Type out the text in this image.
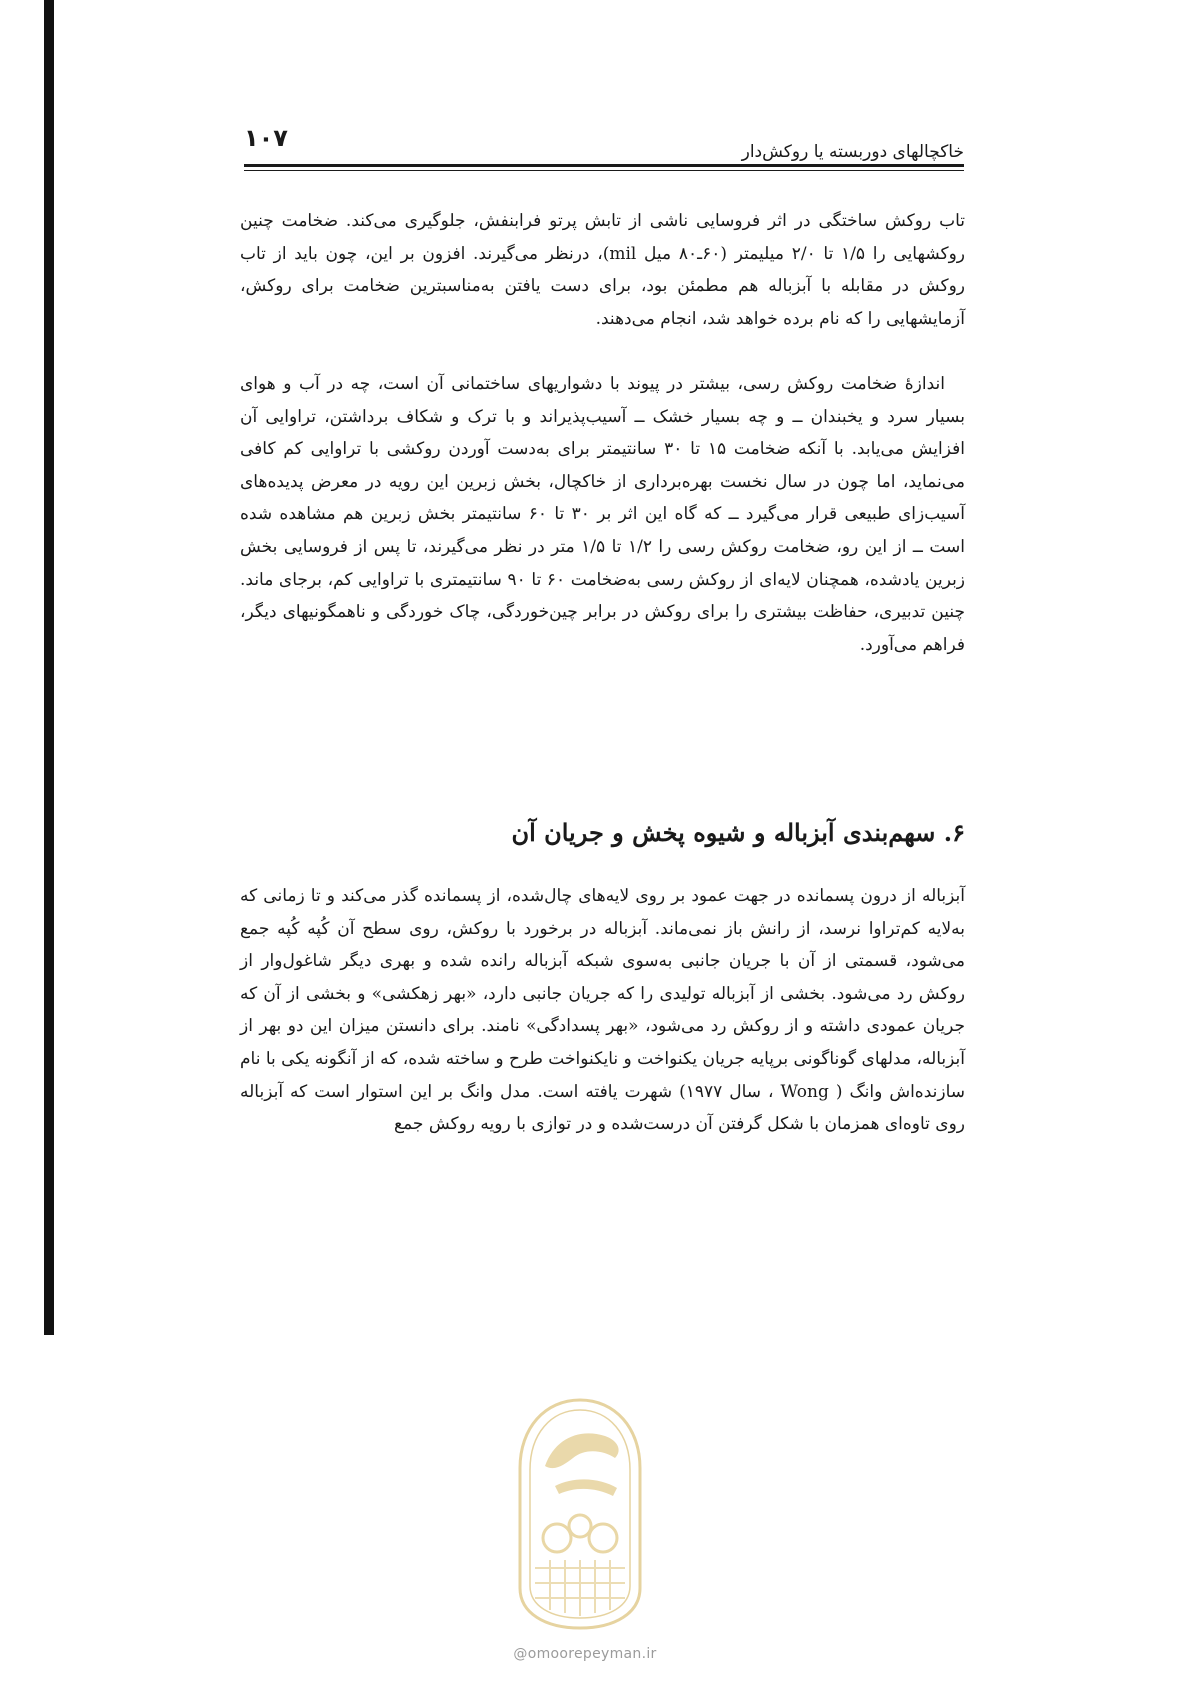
۱۰۷	خاکچالهای دوربسته یا روکش‌دار

تاب روکش ساختگی در اثر فروسایی ناشی از تابش پرتو فرابنفش، جلوگیری می‌کند. ضخامت چنین روکشهایی را ۱/۵ تا ۲/۰ میلیمتر (۶۰ـ۸۰ میل mil)، درنظر می‌گیرند. افزون بر این، چون باید از تاب روکش در مقابله با آبزباله هم مطمئن بود، برای دست یافتن به‌مناسبترین ضخامت برای روکش، آزمایشهایی را که نام برده خواهد شد، انجام می‌دهند.

اندازهٔ ضخامت روکش رسی، بیشتر در پیوند با دشواریهای ساختمانی آن است، چه در آب و هوای بسیار سرد و یخبندان ــ و چه بسیار خشک ــ آسیب‌پذیراند و با ترک و شکاف برداشتن، تراوایی آن افزایش می‌یابد. با آنکه ضخامت ۱۵ تا ۳۰ سانتیمتر برای به‌دست آوردن روکشی با تراوایی کم کافی می‌نماید، اما چون در سال نخست بهره‌برداری از خاکچال، بخش زبرین این رویه در معرض پدیده‌های آسیب‌زای طبیعی قرار می‌گیرد ــ که گاه این اثر بر ۳۰ تا ۶۰ سانتیمتر بخش زبرین هم مشاهده شده است ــ از این رو، ضخامت روکش رسی را ۱/۲ تا ۱/۵ متر در نظر می‌گیرند، تا پس از فروسایی بخش زبرین یادشده، همچنان لایه‌ای از روکش رسی به‌ضخامت ۶۰ تا ۹۰ سانتیمتری با تراوایی کم، برجای ماند. چنین تدبیری، حفاظت بیشتری را برای روکش در برابر چین‌خوردگی، چاک خوردگی و ناهمگونیهای دیگر، فراهم می‌آورد.

۶. سهم‌بندی آبزباله و شیوه پخش و جریان آن

آبزباله از درون پسمانده در جهت عمود بر روی لایه‌های چال‌شده، از پسمانده گذر می‌کند و تا زمانی که به‌لایه کم‌تراوا نرسد، از رانش باز نمی‌ماند. آبزباله در برخورد با روکش، روی سطح آن کُپه کُپه جمع می‌شود، قسمتی از آن با جریان جانبی به‌سوی شبکه آبزباله رانده شده و بهری دیگر شاغول‌وار از روکش رد می‌شود. بخشی از آبزباله تولیدی را که جریان جانبی دارد، «بهر زهکشی» و بخشی از آن که جریان عمودی داشته و از روکش رد می‌شود، «بهر پسدادگی» نامند. برای دانستن میزان این دو بهر از آبزباله، مدلهای گوناگونی برپایه جریان یکنواخت و نایکنواخت طرح و ساخته شده، که از آنگونه یکی با نام سازنده‌اش وانگ ( Wong ، سال ۱۹۷۷) شهرت یافته است. مدل وانگ بر این استوار است که آبزباله روی تاوه‌ای همزمان با شکل گرفتن آن درست‌شده و در توازی با رویه روکش جمع

@omoorepeyman.ir
